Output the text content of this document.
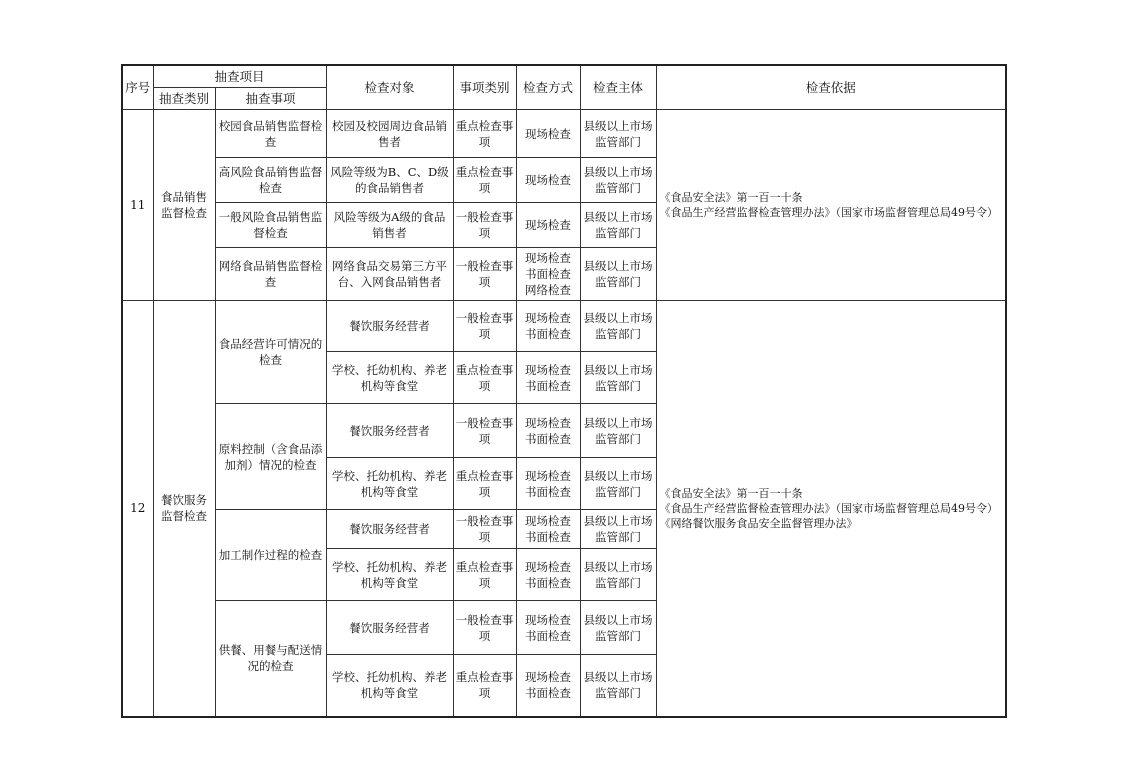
序号	抽查项目		检查对象	事项类别	检查方式	检查主体	检查依据
	抽查类别	抽查事项					
11	食品销售监督检查	校园食品销售监督检查	校园及校园周边食品销售者	重点检查事项	现场检查	县级以上市场监管部门	《食品安全法》第一百一十条
《食品生产经营监督检查管理办法》（国家市场监督管理总局49号令）
		高风险食品销售监督检查	风险等级为B、C、D级的食品销售者	重点检查事项	现场检查	县级以上市场监管部门	
		一般风险食品销售监督检查	风险等级为A级的食品销售者	一般检查事项	现场检查	县级以上市场监管部门	
		网络食品销售监督检查	网络食品交易第三方平台、入网食品销售者	一般检查事项	现场检查 书面检查 网络检查	县级以上市场监管部门	
12	餐饮服务监督检查	食品经营许可情况的检查	餐饮服务经营者	一般检查事项	现场检查 书面检查	县级以上市场监管部门	《食品安全法》第一百一十条
《食品生产经营监督检查管理办法》（国家市场监督管理总局49号令）《网络餐饮服务食品安全监督管理办法》
			学校、托幼机构、养老机构等食堂	重点检查事项	现场检查 书面检查	县级以上市场监管部门	
		原料控制（含食品添加剂）情况的检查	餐饮服务经营者	一般检查事项	现场检查 书面检查	县级以上市场监管部门	
			学校、托幼机构、养老机构等食堂	重点检查事项	现场检查 书面检查	县级以上市场监管部门	
		加工制作过程的检查	餐饮服务经营者	一般检查事项	现场检查 书面检查	县级以上市场监管部门	
			学校、托幼机构、养老机构等食堂	重点检查事项	现场检查 书面检查	县级以上市场监管部门	
		供餐、用餐与配送情况的检查	餐饮服务经营者	一般检查事项	现场检查 书面检查	县级以上市场监管部门	
			学校、托幼机构、养老机构等食堂	重点检查事项	现场检查 书面检查	县级以上市场监管部门	
